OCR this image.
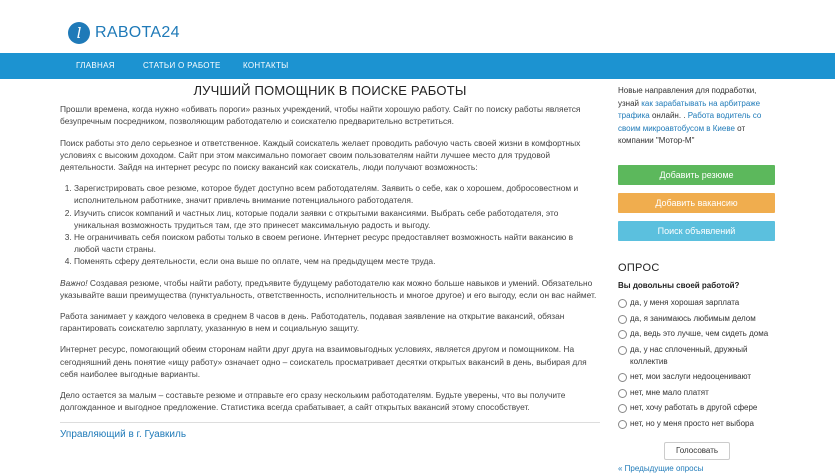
l RABOTA24
ГЛАВНАЯ	СТАТЬИ О РАБОТЕ	КОНТАКТЫ
ЛУЧШИЙ ПОМОЩНИК В ПОИСКЕ РАБОТЫ

Прошли времена, когда нужно «обивать пороги» разных учреждений, чтобы найти хорошую работу. Сайт по поиску работы является безупречным посредником, позволяющим работодателю и соискателю предварительно встретиться.

Поиск работы это дело серьезное и ответственное. Каждый соискатель желает проводить рабочую часть своей жизни в комфортных условиях с высоким доходом. Сайт при этом максимально помогает своим пользователям найти лучшее место для трудовой деятельности. Зайдя на интернет ресурс по поиску вакансий как соискатель, люди получают возможность:

1. Зарегистрировать свое резюме, которое будет доступно всем работодателям. Заявить о себе, как о хорошем, добросовестном и исполнительном работнике, значит привлечь внимание потенциального работодателя.
2. Изучить список компаний и частных лиц, которые подали заявки с открытыми вакансиями. Выбрать себе работодателя, это уникальная возможность трудиться там, где это принесет максимальную радость и выгоду.
3. Не ограничивать себя поиском работы только в своем регионе. Интернет ресурс предоставляет возможность найти вакансию в любой части страны.
4. Поменять сферу деятельности, если она выше по оплате, чем на предыдущем месте труда.

Важно! Создавая резюме, чтобы найти работу, предъявите будущему работодателю как можно больше навыков и умений. Обязательно указывайте ваши преимущества (пунктуальность, ответственность, исполнительность и многое другое) и его выгоду, если он вас наймет.

Работа занимает у каждого человека в среднем 8 часов в день. Работодатель, подавая заявление на открытие вакансий, обязан гарантировать соискателю зарплату, указанную в нем и социальную защиту.

Интернет ресурс, помогающий обеим сторонам найти друг друга на взаимовыгодных условиях, является другом и помощником. На сегодняшний день понятие «ищу работу» означает одно – соискатель просматривает десятки открытых вакансий в день, выбирая для себя наиболее выгодные варианты.

Дело остается за малым – составьте резюме и отправьте его сразу нескольким работодателям. Будьте уверены, что вы получите долгожданное и выгодное предложение. Статистика всегда срабатывает, а сайт открытых вакансий этому способствует.

Управляющий в г. Гуавкиль
Новые направления для подработки, узнай как зарабатывать на арбитраже трафика онлайн. . Работа водитель со своим микроавтобусом в Киеве от компании "Мотор-М"
Добавить резюме
Добавить вакансию
Поиск объявлений
ОПРОС
Вы довольны своей работой?
да, у меня хорошая зарплата
да, я занимаюсь любимым делом
да, ведь это лучше, чем сидеть дома
да, у нас сплоченный, дружный коллектив
нет, мои заслуги недооценивают
нет, мне мало платят
нет, хочу работать в другой сфере
нет, но у меня просто нет выбора
Голосовать
« Предыдущие опросы
